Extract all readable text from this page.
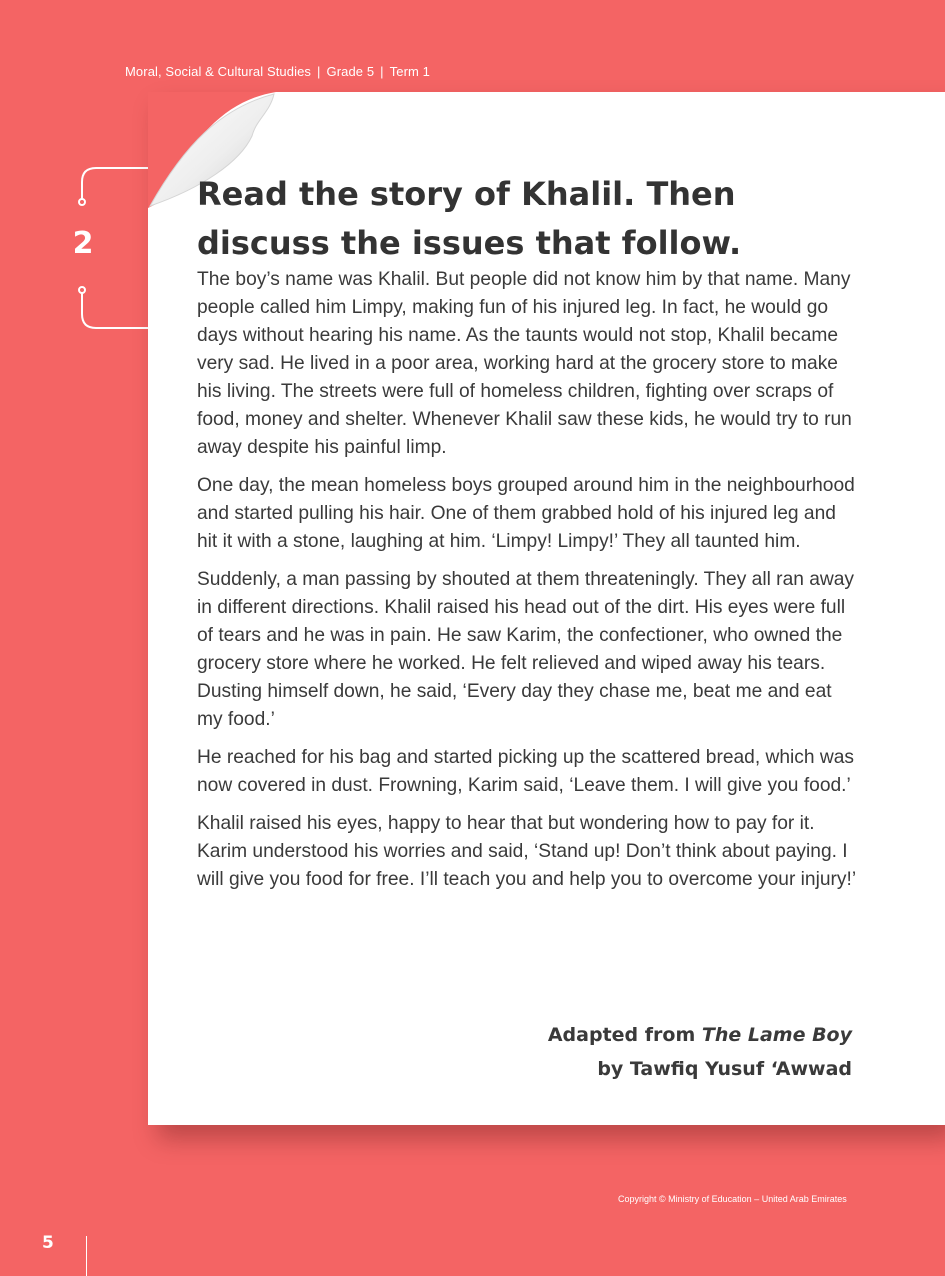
Moral, Social & Cultural Studies | Grade 5 | Term 1
2
Read the story of Khalil. Then discuss the issues that follow.

The boy’s name was Khalil. But people did not know him by that name. Many people called him Limpy, making fun of his injured leg. In fact, he would go days without hearing his name. As the taunts would not stop, Khalil became very sad. He lived in a poor area, working hard at the grocery store to make his living. The streets were full of homeless children, fighting over scraps of food, money and shelter. Whenever Khalil saw these kids, he would try to run away despite his painful limp.

One day, the mean homeless boys grouped around him in the neighbourhood and started pulling his hair. One of them grabbed hold of his injured leg and hit it with a stone, laughing at him. ‘Limpy! Limpy!’ They all taunted him.

Suddenly, a man passing by shouted at them threateningly. They all ran away in different directions. Khalil raised his head out of the dirt. His eyes were full of tears and he was in pain. He saw Karim, the confectioner, who owned the grocery store where he worked. He felt relieved and wiped away his tears. Dusting himself down, he said, ‘Every day they chase me, beat me and eat my food.’

He reached for his bag and started picking up the scattered bread, which was now covered in dust. Frowning, Karim said, ‘Leave them. I will give you food.’

Khalil raised his eyes, happy to hear that but wondering how to pay for it. Karim understood his worries and said, ‘Stand up! Don’t think about paying. I will give you food for free. I’ll teach you and help you to overcome your injury!’

Adapted from The Lame Boy
by Tawfiq Yusuf ‘Awwad
Copyright © Ministry of Education – United Arab Emirates
5
